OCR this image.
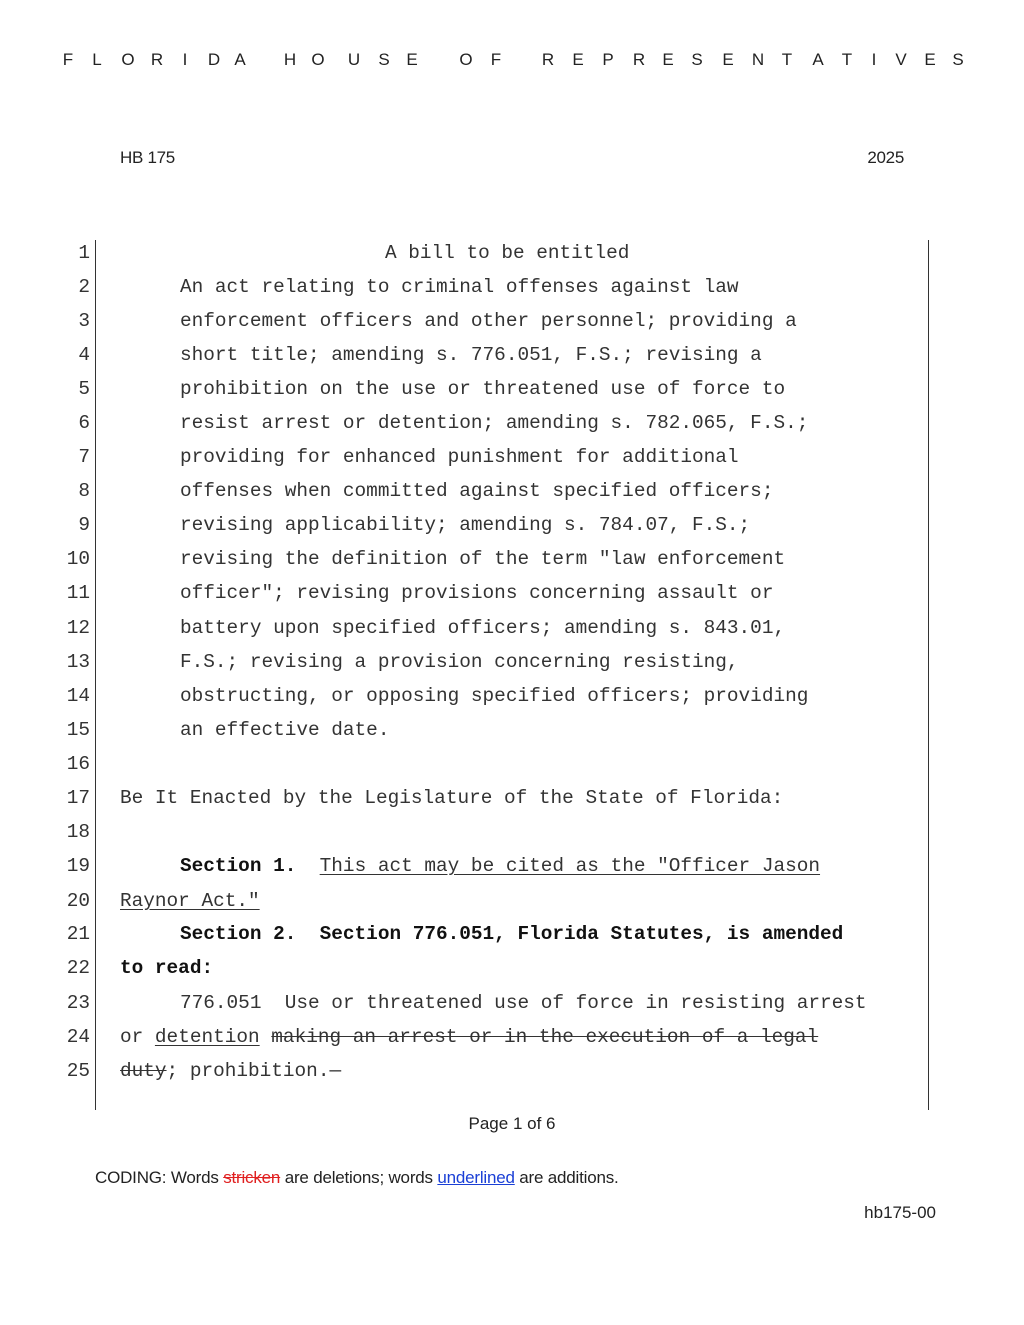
F L O R I D A H O U S E O F R E P R E S E N T A T I V E S
HB 175	2025
1	A bill to be entitled
2	An act relating to criminal offenses against law
3	enforcement officers and other personnel; providing a
4	short title; amending s. 776.051, F.S.; revising a
5	prohibition on the use or threatened use of force to
6	resist arrest or detention; amending s. 782.065, F.S.;
7	providing for enhanced punishment for additional
8	offenses when committed against specified officers;
9	revising applicability; amending s. 784.07, F.S.;
10	revising the definition of the term "law enforcement
11	officer"; revising provisions concerning assault or
12	battery upon specified officers; amending s. 843.01,
13	F.S.; revising a provision concerning resisting,
14	obstructing, or opposing specified officers; providing
15	an effective date.
16
17 Be It Enacted by the Legislature of the State of Florida:
18
19	Section 1. This act may be cited as the "Officer Jason
20 Raynor Act."
21	Section 2.  Section 776.051, Florida Statutes, is amended
22 to read:
23	776.051  Use or threatened use of force in resisting arrest
24 or detention making an arrest or in the execution of a legal
25 duty; prohibition.—
Page 1 of 6
CODING: Words stricken are deletions; words underlined are additions.
hb175-00
